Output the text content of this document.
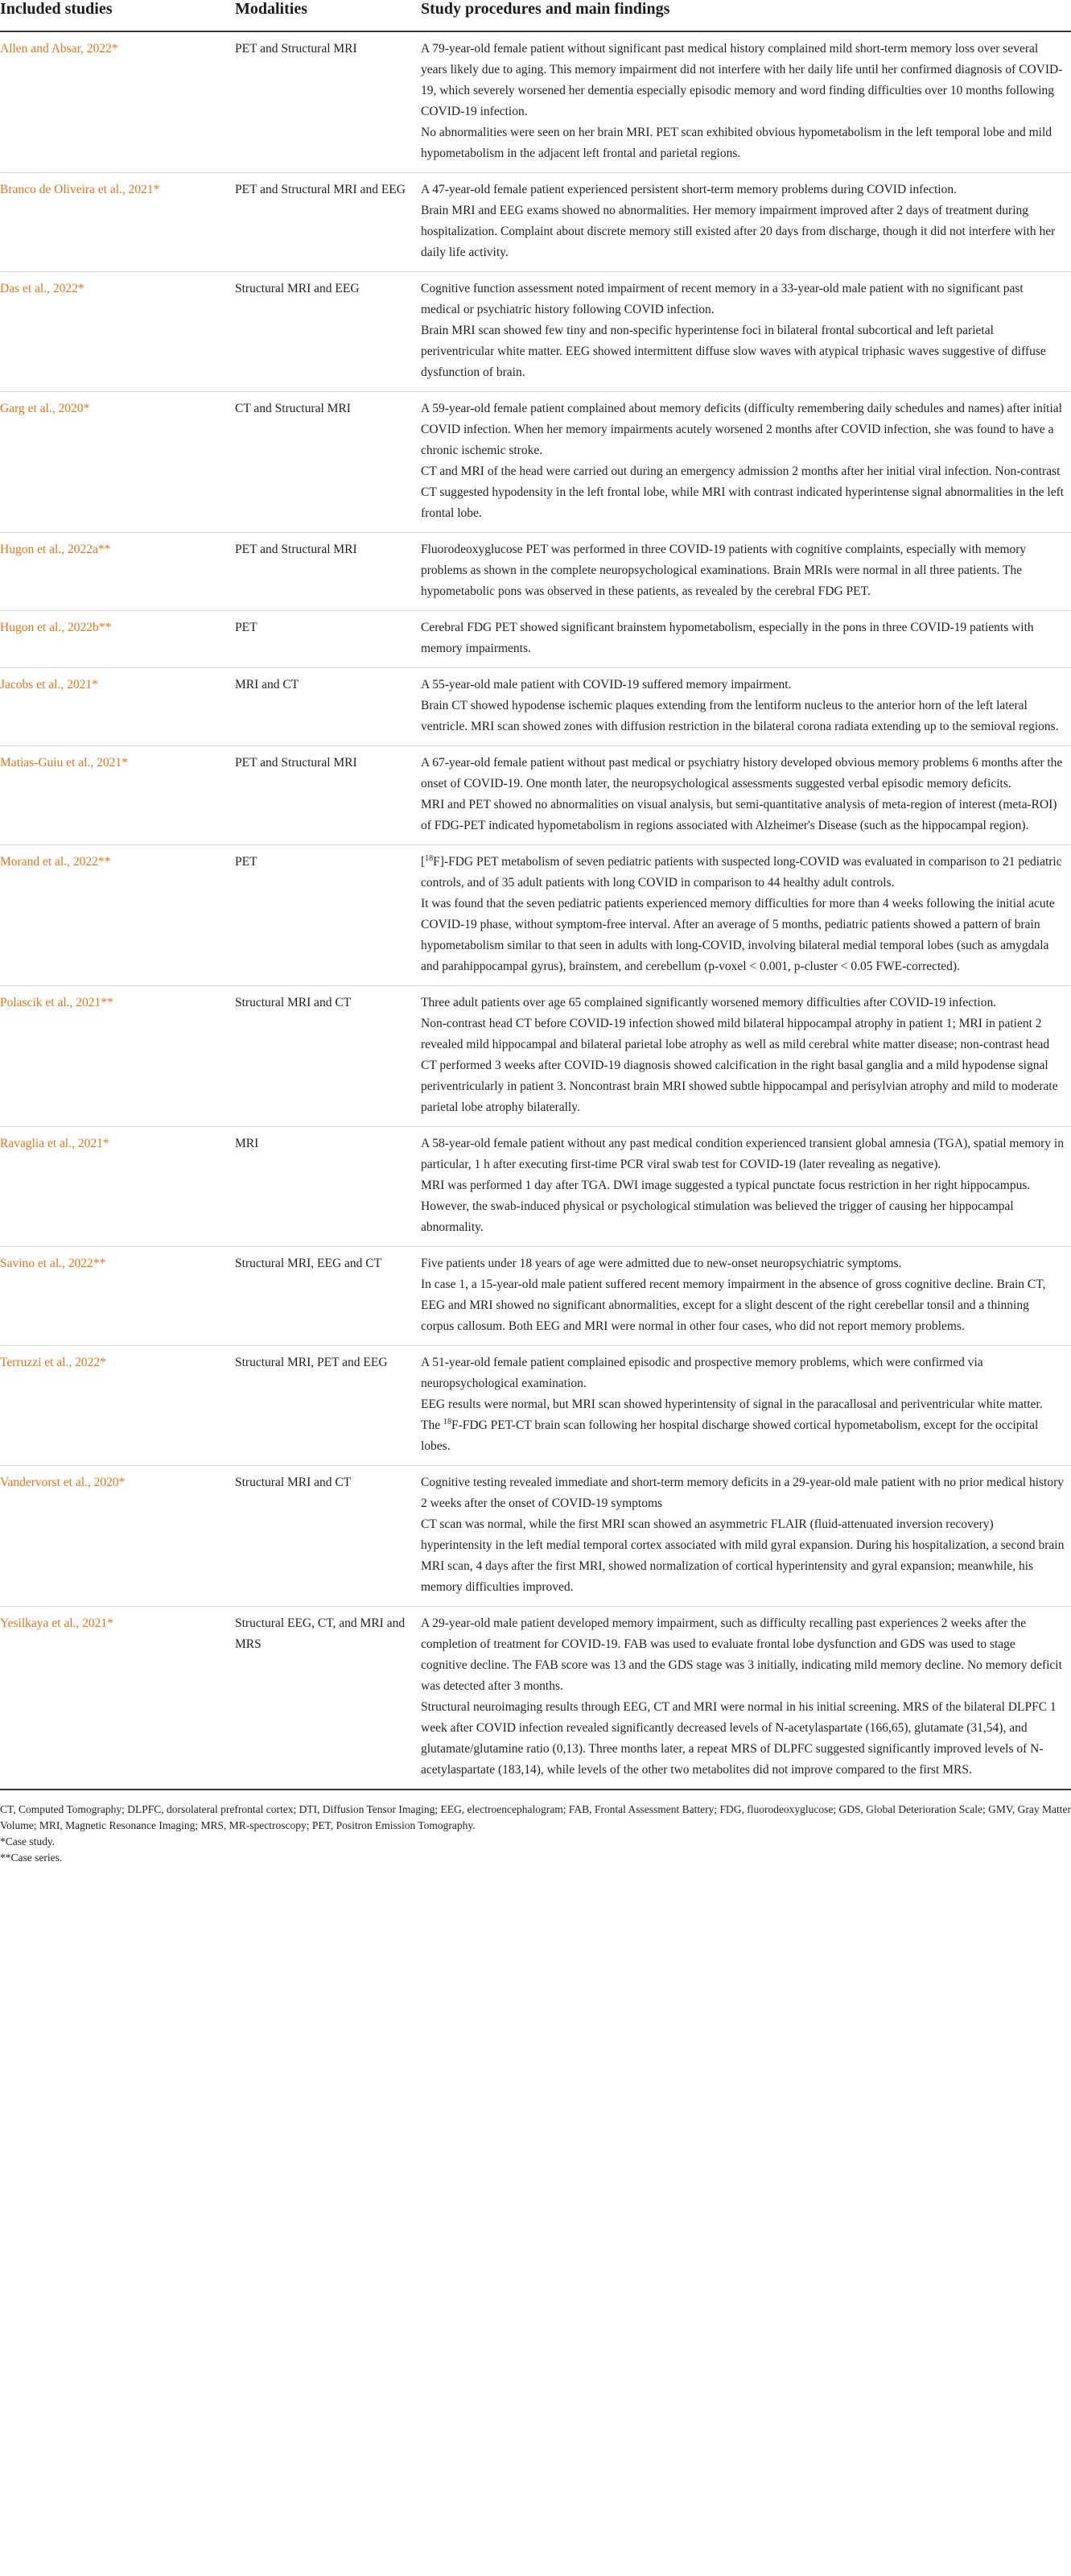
Included studies	Modalities	Study procedures and main findings
Allen and Absar, 2022*	PET and Structural MRI	A 79-year-old female patient without significant past medical history complained mild short-term memory loss over several years likely due to aging. This memory impairment did not interfere with her daily life until her confirmed diagnosis of COVID-19, which severely worsened her dementia especially episodic memory and word finding difficulties over 10 months following COVID-19 infection.

No abnormalities were seen on her brain MRI. PET scan exhibited obvious hypometabolism in the left temporal lobe and mild hypometabolism in the adjacent left frontal and parietal regions.

Branco de Oliveira et al., 2021*	PET and Structural MRI and EEG	A 47-year-old female patient experienced persistent short-term memory problems during COVID infection.

Brain MRI and EEG exams showed no abnormalities. Her memory impairment improved after 2 days of treatment during hospitalization. Complaint about discrete memory still existed after 20 days from discharge, though it did not interfere with her daily life activity.

Das et al., 2022*	Structural MRI and EEG	Cognitive function assessment noted impairment of recent memory in a 33-year-old male patient with no significant past medical or psychiatric history following COVID infection.

Brain MRI scan showed few tiny and non-specific hyperintense foci in bilateral frontal subcortical and left parietal periventricular white matter. EEG showed intermittent diffuse slow waves with atypical triphasic waves suggestive of diffuse dysfunction of brain.

Garg et al., 2020*	CT and Structural MRI	A 59-year-old female patient complained about memory deficits (difficulty remembering daily schedules and names) after initial COVID infection. When her memory impairments acutely worsened 2 months after COVID infection, she was found to have a chronic ischemic stroke.

CT and MRI of the head were carried out during an emergency admission 2 months after her initial viral infection. Non-contrast CT suggested hypodensity in the left frontal lobe, while MRI with contrast indicated hyperintense signal abnormalities in the left frontal lobe.

Hugon et al., 2022a**	PET and Structural MRI	Fluorodeoxyglucose PET was performed in three COVID-19 patients with cognitive complaints, especially with memory problems as shown in the complete neuropsychological examinations. Brain MRIs were normal in all three patients. The hypometabolic pons was observed in these patients, as revealed by the cerebral FDG PET.

Hugon et al., 2022b**	PET	Cerebral FDG PET showed significant brainstem hypometabolism, especially in the pons in three COVID-19 patients with memory impairments.

Jacobs et al., 2021*	MRI and CT	A 55-year-old male patient with COVID-19 suffered memory impairment.

Brain CT showed hypodense ischemic plaques extending from the lentiform nucleus to the anterior horn of the left lateral ventricle. MRI scan showed zones with diffusion restriction in the bilateral corona radiata extending up to the semioval regions.

Matias-Guiu et al., 2021*	PET and Structural MRI	A 67-year-old female patient without past medical or psychiatry history developed obvious memory problems 6 months after the onset of COVID-19. One month later, the neuropsychological assessments suggested verbal episodic memory deficits.

MRI and PET showed no abnormalities on visual analysis, but semi-quantitative analysis of meta-region of interest (meta-ROI) of FDG-PET indicated hypometabolism in regions associated with Alzheimer's Disease (such as the hippocampal region).

Morand et al., 2022**	PET	[$^{18}$F]-FDG PET metabolism of seven pediatric patients with suspected long-COVID was evaluated in comparison to 21 pediatric controls, and of 35 adult patients with long COVID in comparison to 44 healthy adult controls.

It was found that the seven pediatric patients experienced memory difficulties for more than 4 weeks following the initial acute COVID-19 phase, without symptom-free interval. After an average of 5 months, pediatric patients showed a pattern of brain hypometabolism similar to that seen in adults with long-COVID, involving bilateral medial temporal lobes (such as amygdala and parahippocampal gyrus), brainstem, and cerebellum (p-voxel < 0.001, p-cluster < 0.05 FWE-corrected).

Polascik et al., 2021**	Structural MRI and CT	Three adult patients over age 65 complained significantly worsened memory difficulties after COVID-19 infection.

Non-contrast head CT before COVID-19 infection showed mild bilateral hippocampal atrophy in patient 1; MRI in patient 2 revealed mild hippocampal and bilateral parietal lobe atrophy as well as mild cerebral white matter disease; non-contrast head CT performed 3 weeks after COVID-19 diagnosis showed calcification in the right basal ganglia and a mild hypodense signal periventricularly in patient 3. Noncontrast brain MRI showed subtle hippocampal and perisylvian atrophy and mild to moderate parietal lobe atrophy bilaterally.

Ravaglia et al., 2021*	MRI	A 58-year-old female patient without any past medical condition experienced transient global amnesia (TGA), spatial memory in particular, 1 h after executing first-time PCR viral swab test for COVID-19 (later revealing as negative).

MRI was performed 1 day after TGA. DWI image suggested a typical punctate focus restriction in her right hippocampus. However, the swab-induced physical or psychological stimulation was believed the trigger of causing her hippocampal abnormality.

Savino et al., 2022**	Structural MRI, EEG and CT	Five patients under 18 years of age were admitted due to new-onset neuropsychiatric symptoms.

In case 1, a 15-year-old male patient suffered recent memory impairment in the absence of gross cognitive decline. Brain CT, EEG and MRI showed no significant abnormalities, except for a slight descent of the right cerebellar tonsil and a thinning corpus callosum. Both EEG and MRI were normal in other four cases, who did not report memory problems.

Terruzzi et al., 2022*	Structural MRI, PET and EEG	A 51-year-old female patient complained episodic and prospective memory problems, which were confirmed via neuropsychological examination.

EEG results were normal, but MRI scan showed hyperintensity of signal in the paracallosal and periventricular white matter. The $^{18}$F-FDG PET-CT brain scan following her hospital discharge showed cortical hypometabolism, except for the occipital lobes.

Vandervorst et al., 2020*	Structural MRI and CT	Cognitive testing revealed immediate and short-term memory deficits in a 29-year-old male patient with no prior medical history 2 weeks after the onset of COVID-19 symptoms

CT scan was normal, while the first MRI scan showed an asymmetric FLAIR (fluid-attenuated inversion recovery) hyperintensity in the left medial temporal cortex associated with mild gyral expansion. During his hospitalization, a second brain MRI scan, 4 days after the first MRI, showed normalization of cortical hyperintensity and gyral expansion; meanwhile, his memory difficulties improved.

Yesilkaya et al., 2021*	Structural EEG, CT, and MRI and MRS	A 29-year-old male patient developed memory impairment, such as difficulty recalling past experiences 2 weeks after the completion of treatment for COVID-19. FAB was used to evaluate frontal lobe dysfunction and GDS was used to stage cognitive decline. The FAB score was 13 and the GDS stage was 3 initially, indicating mild memory decline. No memory deficit was detected after 3 months.

Structural neuroimaging results through EEG, CT and MRI were normal in his initial screening. MRS of the bilateral DLPFC 1 week after COVID infection revealed significantly decreased levels of N-acetylaspartate (166,65), glutamate (31,54), and glutamate/glutamine ratio (0,13). Three months later, a repeat MRS of DLPFC suggested significantly improved levels of N-acetylaspartate (183,14), while levels of the other two metabolites did not improve compared to the first MRS.

CT, Computed Tomography; DLPFC, dorsolateral prefrontal cortex; DTI, Diffusion Tensor Imaging; EEG, electroencephalogram; FAB, Frontal Assessment Battery; FDG, fluorodeoxyglucose; GDS, Global Deterioration Scale; GMV, Gray Matter Volume; MRI, Magnetic Resonance Imaging; MRS, MR-spectroscopy; PET, Positron Emission Tomography.

*Case study.

**Case series.
